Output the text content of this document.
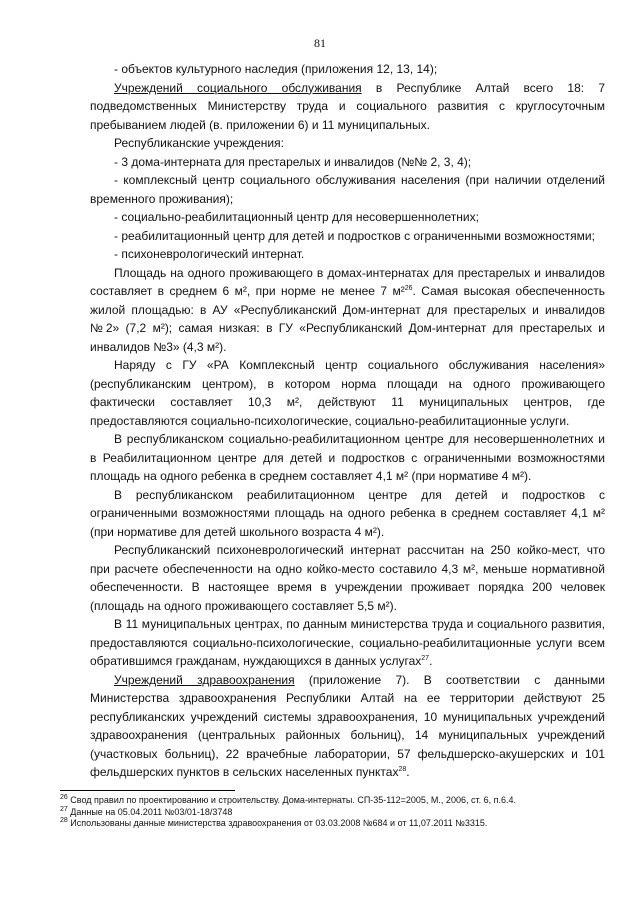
81

- объектов культурного наследия (приложения 12, 13, 14);

Учреждений социального обслуживания в Республике Алтай всего 18: 7 подведомственных Министерству труда и социального развития с круглосуточным пребыванием людей (в. приложении 6) и 11 муниципальных.

Республиканские учреждения:

- 3 дома-интерната для престарелых и инвалидов (№№ 2, 3, 4);

- комплексный центр социального обслуживания населения (при наличии отделений временного проживания);

- социально-реабилитационный центр для несовершеннолетних;

- реабилитационный центр для детей и подростков с ограниченными возможностями;

- психоневрологический интернат.

Площадь на одного проживающего в домах-интернатах для престарелых и инвалидов составляет в среднем 6 м², при норме не менее 7 м²$^{26}$. Самая высокая обеспеченность жилой площадью: в АУ «Республиканский Дом-интернат для престарелых и инвалидов №2» (7,2 м²); самая низкая: в ГУ «Республиканский Дом-интернат для престарелых и инвалидов №3» (4,3 м²).

Наряду с ГУ «РА Комплексный центр социального обслуживания населения» (республиканским центром), в котором норма площади на одного проживающего фактически составляет 10,3 м², действуют 11 муниципальных центров, где предоставляются социально-психологические, социально-реабилитационные услуги.

В республиканском социально-реабилитационном центре для несовершеннолетних и в Реабилитационном центре для детей и подростков с ограниченными возможностями площадь на одного ребенка в среднем составляет 4,1 м² (при нормативе 4 м²).

В республиканском реабилитационном центре для детей и подростков с ограниченными возможностями площадь на одного ребенка в среднем составляет 4,1 м² (при нормативе для детей школьного возраста 4 м²).

Республиканский психоневрологический интернат рассчитан на 250 койко-мест, что при расчете обеспеченности на одно койко-место составило 4,3 м², меньше нормативной обеспеченности. В настоящее время в учреждении проживает порядка 200 человек (площадь на одного проживающего составляет 5,5 м²).

В 11 муниципальных центрах, по данным министерства труда и социального развития, предоставляются социально-психологические, социально-реабилитационные услуги всем обратившимся гражданам, нуждающихся в данных услугах$^{27}$.

Учреждений здравоохранения (приложение 7). В соответствии с данными Министерства здравоохранения Республики Алтай на ее территории действуют 25 республиканских учреждений системы здравоохранения, 10 муниципальных учреждений здравоохранения (центральных районных больниц), 14 муниципальных учреждений (участковых больниц), 22 врачебные лаборатории, 57 фельдшерско-акушерских и 101 фельдшерских пунктов в сельских населенных пунктах$^{28}$.

$^{26}$ Свод правил по проектированию и строительству. Дома-интернаты. СП-35-112=2005, М., 2006, ст. 6, п.6.4.

$^{27}$ Данные на 05.04.2011 №03/01-18/3748

$^{28}$ Использованы данные министерства здравоохранения от 03.03.2008 №684 и от 11,07.2011 №3315.
